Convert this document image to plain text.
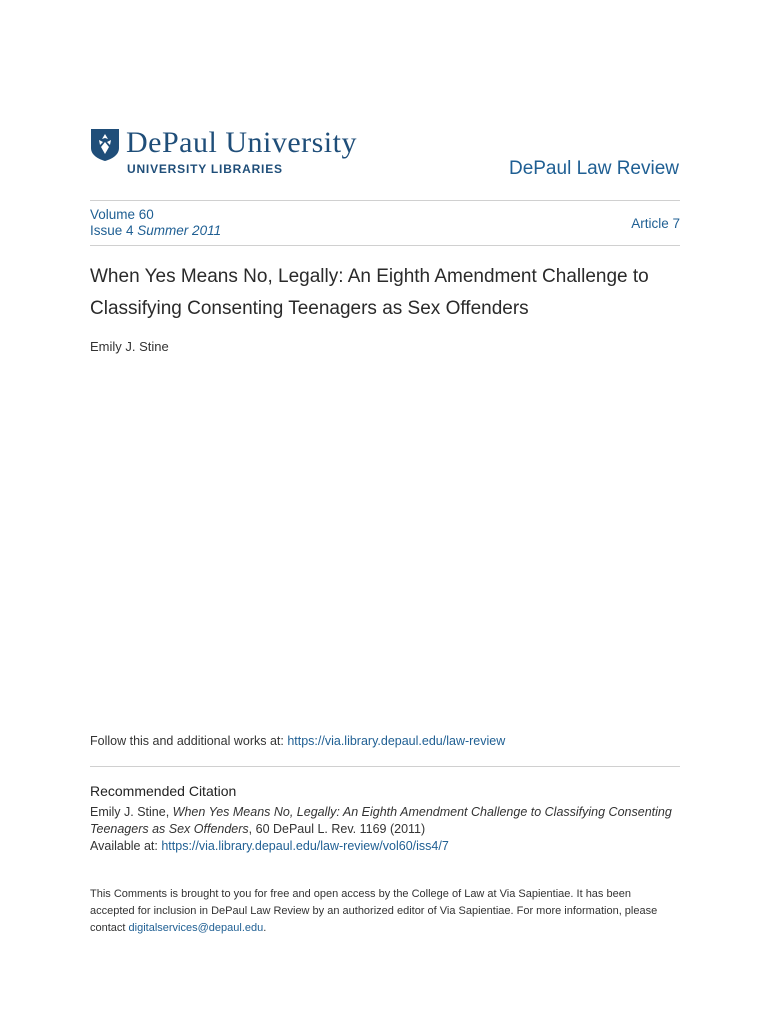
DePaul University
UNIVERSITY LIBRARIES	DePaul Law Review
Volume 60
Issue 4 Summer 2011	Article 7
When Yes Means No, Legally: An Eighth Amendment Challenge to
Classifying Consenting Teenagers as Sex Offenders
Emily J. Stine
Follow this and additional works at: https://via.library.depaul.edu/law-review
Recommended Citation
Emily J. Stine, When Yes Means No, Legally: An Eighth Amendment Challenge to Classifying Consenting Teenagers as Sex Offenders, 60 DePaul L. Rev. 1169 (2011)
Available at: https://via.library.depaul.edu/law-review/vol60/iss4/7
This Comments is brought to you for free and open access by the College of Law at Via Sapientiae. It has been accepted for inclusion in DePaul Law Review by an authorized editor of Via Sapientiae. For more information, please contact digitalservices@depaul.edu.
